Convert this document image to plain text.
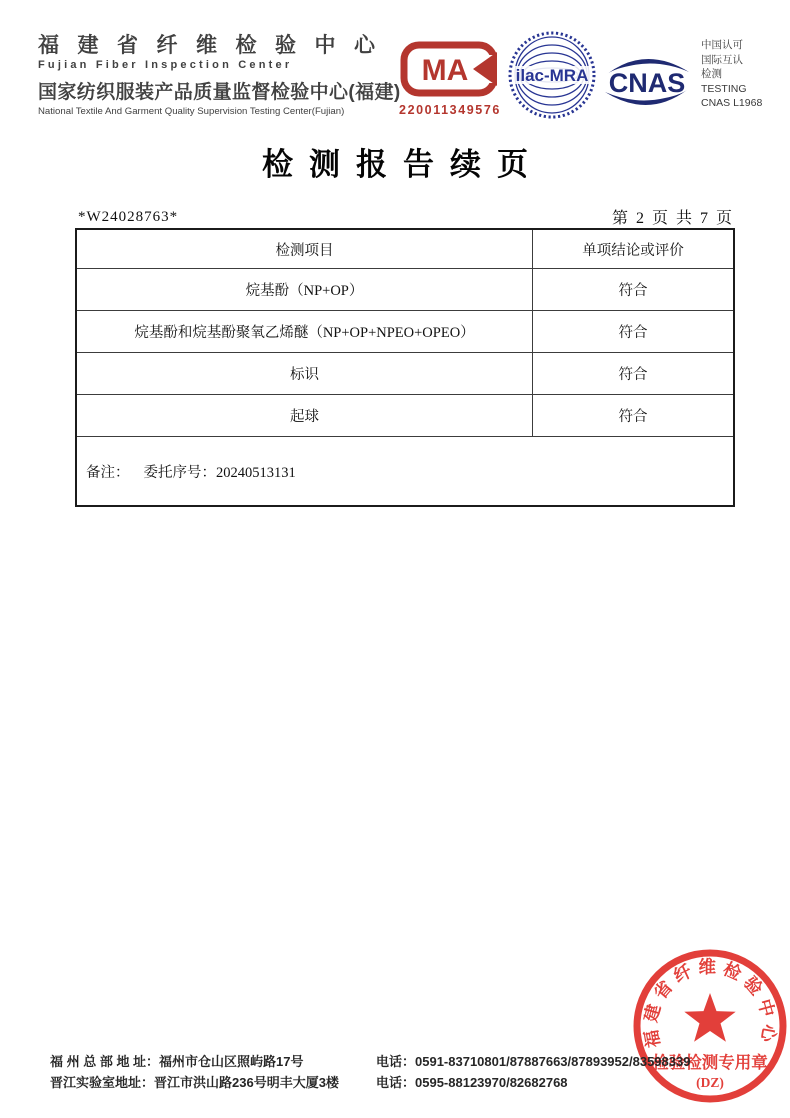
福建省纤维检验中心
Fujian Fiber Inspection Center
国家纺织服装产品质量监督检验中心(福建)
National Textile And Garment Quality Supervision Testing Center(Fujian)
MA
220011349576
ilac-MRA CNAS
中国认可
国际互认
检测
TESTING
CNAS L1968
检测报告续页
*W24028763*	第 2 页 共 7 页
检测项目	单项结论或评价
烷基酚（NP+OP）	符合
烷基酚和烷基酚聚氧乙烯醚（NP+OP+NPEO+OPEO）	符合
标识	符合
起球	符合
备注： 委托序号：20240513131
福建省纤维检验中心
检验检测专用章
(DZ)
福 州 总 部 地 址：福州市仓山区照屿路17号	电话：0591-83710801/87887663/87893952/83598339
晋江实验室地址：晋江市洪山路236号明丰大厦3楼	电话：0595-88123970/82682768
